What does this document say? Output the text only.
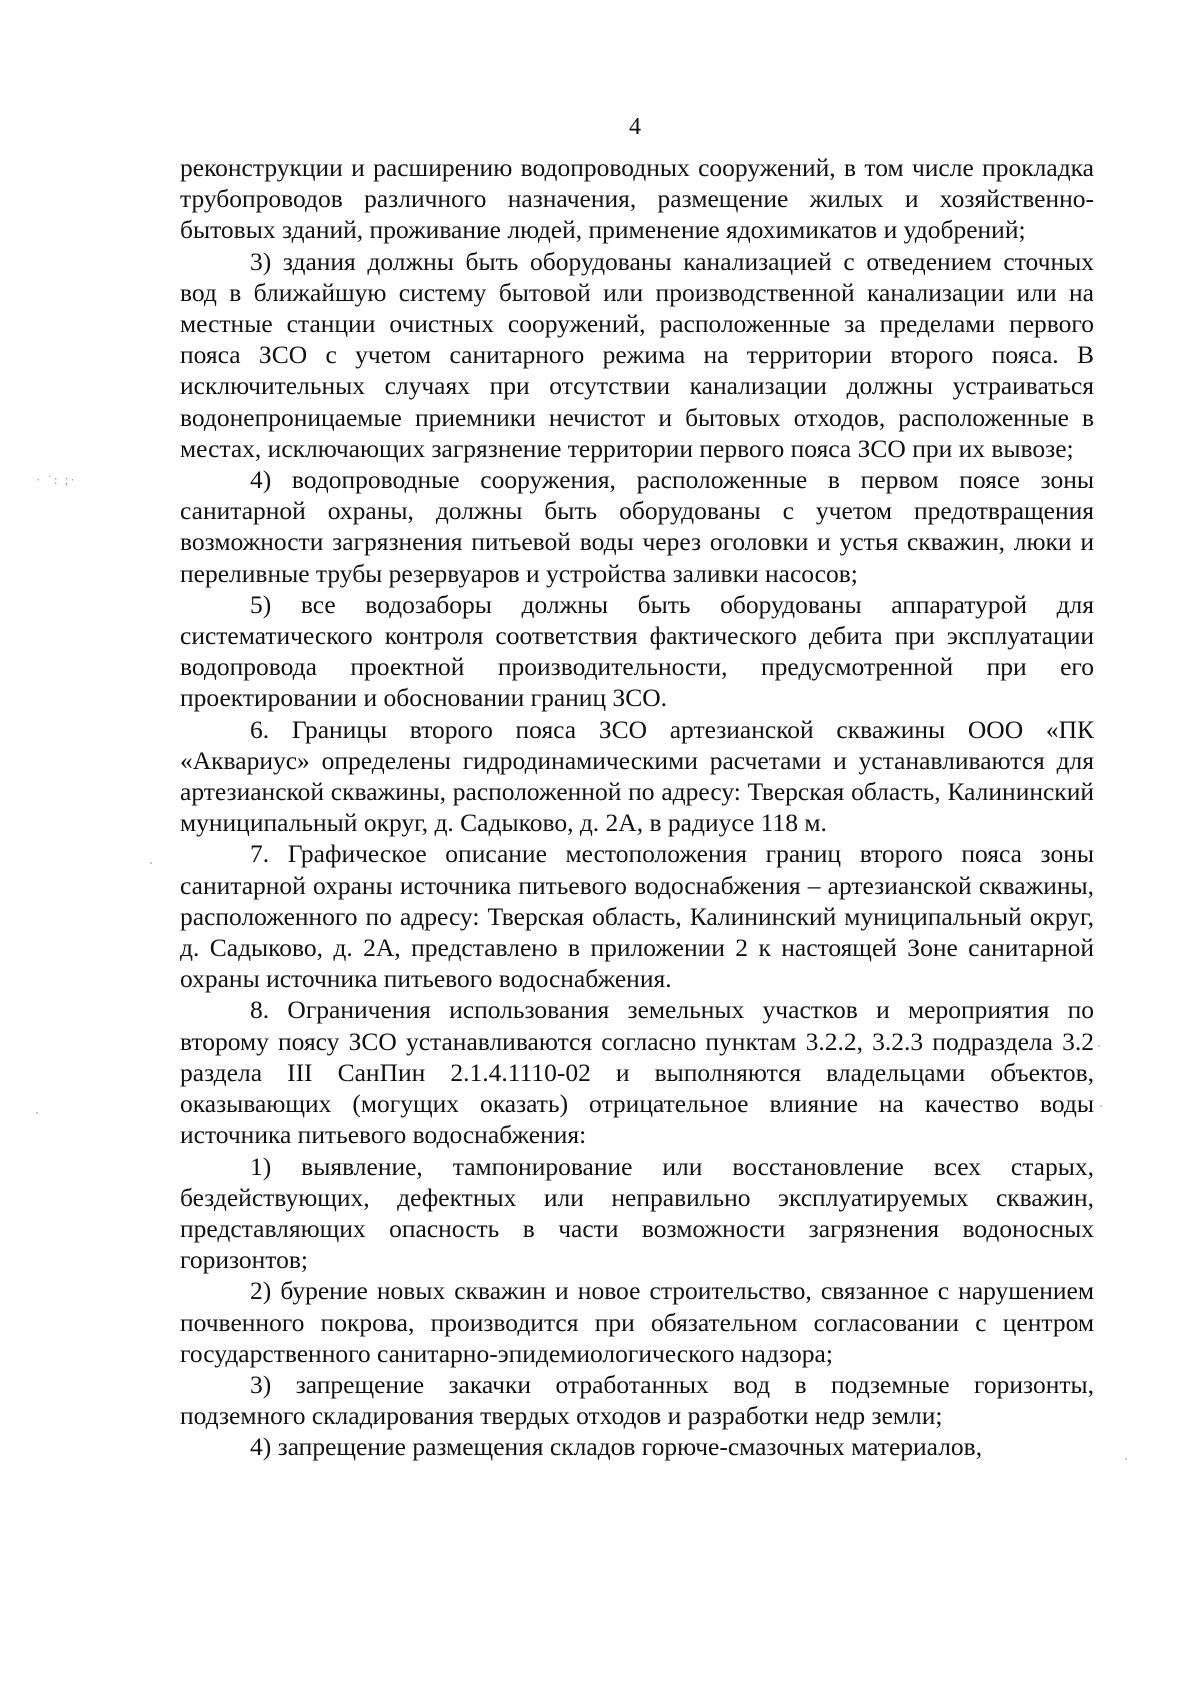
4
· ˙: ;·

реконструкции и расширению водопроводных сооружений, в том числе прокладка трубопроводов различного назначения, размещение жилых и хозяйственно-бытовых зданий, проживание людей, применение ядохимикатов и удобрений;

3) здания должны быть оборудованы канализацией с отведением сточных вод в ближайшую систему бытовой или производственной канализации или на местные станции очистных сооружений, расположенные за пределами первого пояса ЗСО с учетом санитарного режима на территории второго пояса. В исключительных случаях при отсутствии канализации должны устраиваться водонепроницаемые приемники нечистот и бытовых отходов, расположенные в местах, исключающих загрязнение территории первого пояса ЗСО при их вывозе;

4) водопроводные сооружения, расположенные в первом поясе зоны санитарной охраны, должны быть оборудованы с учетом предотвращения возможности загрязнения питьевой воды через оголовки и устья скважин, люки и переливные трубы резервуаров и устройства заливки насосов;

5) все водозаборы должны быть оборудованы аппаратурой для систематического контроля соответствия фактического дебита при эксплуатации водопровода проектной производительности, предусмотренной при его проектировании и обосновании границ ЗСО.

6. Границы второго пояса ЗСО артезианской скважины ООО «ПК «Аквариус» определены гидродинамическими расчетами и устанавливаются для артезианской скважины, расположенной по адресу: Тверская область, Калининский муниципальный округ, д. Садыково, д. 2А, в радиусе 118 м.

7. Графическое описание местоположения границ второго пояса зоны санитарной охраны источника питьевого водоснабжения – артезианской скважины, расположенного по адресу: Тверская область, Калининский муниципальный округ, д. Садыково, д. 2А, представлено в приложении 2 к настоящей Зоне санитарной охраны источника питьевого водоснабжения.

8. Ограничения использования земельных участков и мероприятия по второму поясу ЗСО устанавливаются согласно пунктам 3.2.2, 3.2.3 подраздела 3.2 раздела III СанПин 2.1.4.1110-02 и выполняются владельцами объектов, оказывающих (могущих оказать) отрицательное влияние на качество воды источника питьевого водоснабжения:

1) выявление, тампонирование или восстановление всех старых, бездействующих, дефектных или неправильно эксплуатируемых скважин, представляющих опасность в части возможности загрязнения водоносных горизонтов;

2) бурение новых скважин и новое строительство, связанное с нарушением почвенного покрова, производится при обязательном согласовании с центром государственного санитарно-эпидемиологического надзора;

3) запрещение закачки отработанных вод в подземные горизонты, подземного складирования твердых отходов и разработки недр земли;

4) запрещение размещения складов горюче-смазочных материалов,
